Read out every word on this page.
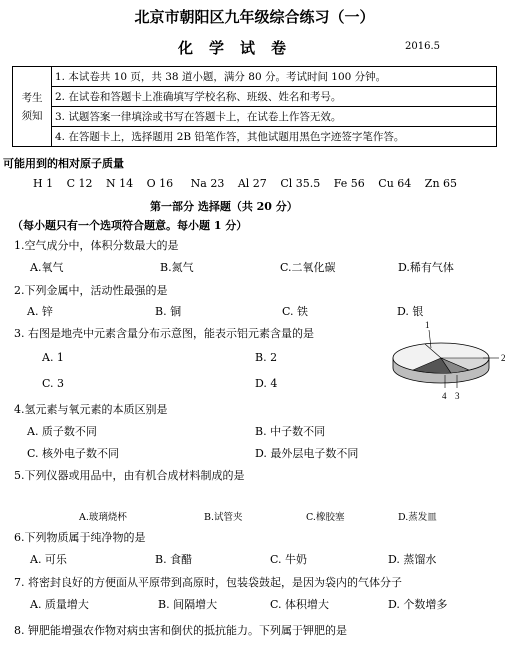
北京市朝阳区九年级综合练习（一）
化学试卷	2016.5
考生
须知
	1. 本试卷共 10 页，共 38 道小题，满分 80 分。考试时间 100 分钟。
2. 在试卷和答题卡上准确填写学校名称、班级、姓名和考号。
3. 试题答案一律填涂或书写在答题卡上，在试卷上作答无效。
4. 在答题卡上，选择题用 2B 铅笔作答，其他试题用黑色字迹签字笔作答。
可能用到的相对原子质量
H 1 C 12 N 14 O 16 Na 23 Al 27 Cl 35.5 Fe 56 Cu 64 Zn 65
第一部分 选择题（共 20 分）
（每小题只有一个选项符合题意。每小题 1 分）
1.空气成分中，体积分数最大的是
A.氧气	B.氮气	C.二氧化碳	D.稀有气体
2.下列金属中，活动性最强的是
A. 锌	B. 铜	C. 铁	D. 银
3. 右图是地壳中元素含量分布示意图，能表示铝元素含量的是
A. 1	B. 2
C. 3	D. 4
1
2
3
4
4.氢元素与氧元素的本质区别是
A. 质子数不同	B. 中子数不同
C. 核外电子数不同	D. 最外层电子数不同
5.下列仪器或用品中，由有机合成材料制成的是
A.玻璃烧杯	B.试管夹	C.橡胶塞	D.蒸发皿
6.下列物质属于纯净物的是
A. 可乐	B. 食醋	C. 牛奶	D. 蒸馏水
7. 将密封良好的方便面从平原带到高原时，包装袋鼓起，是因为袋内的气体分子
A. 质量增大	B. 间隔增大	C. 体积增大	D. 个数增多
8. 钾肥能增强农作物对病虫害和倒伏的抵抗能力。下列属于钾肥的是
